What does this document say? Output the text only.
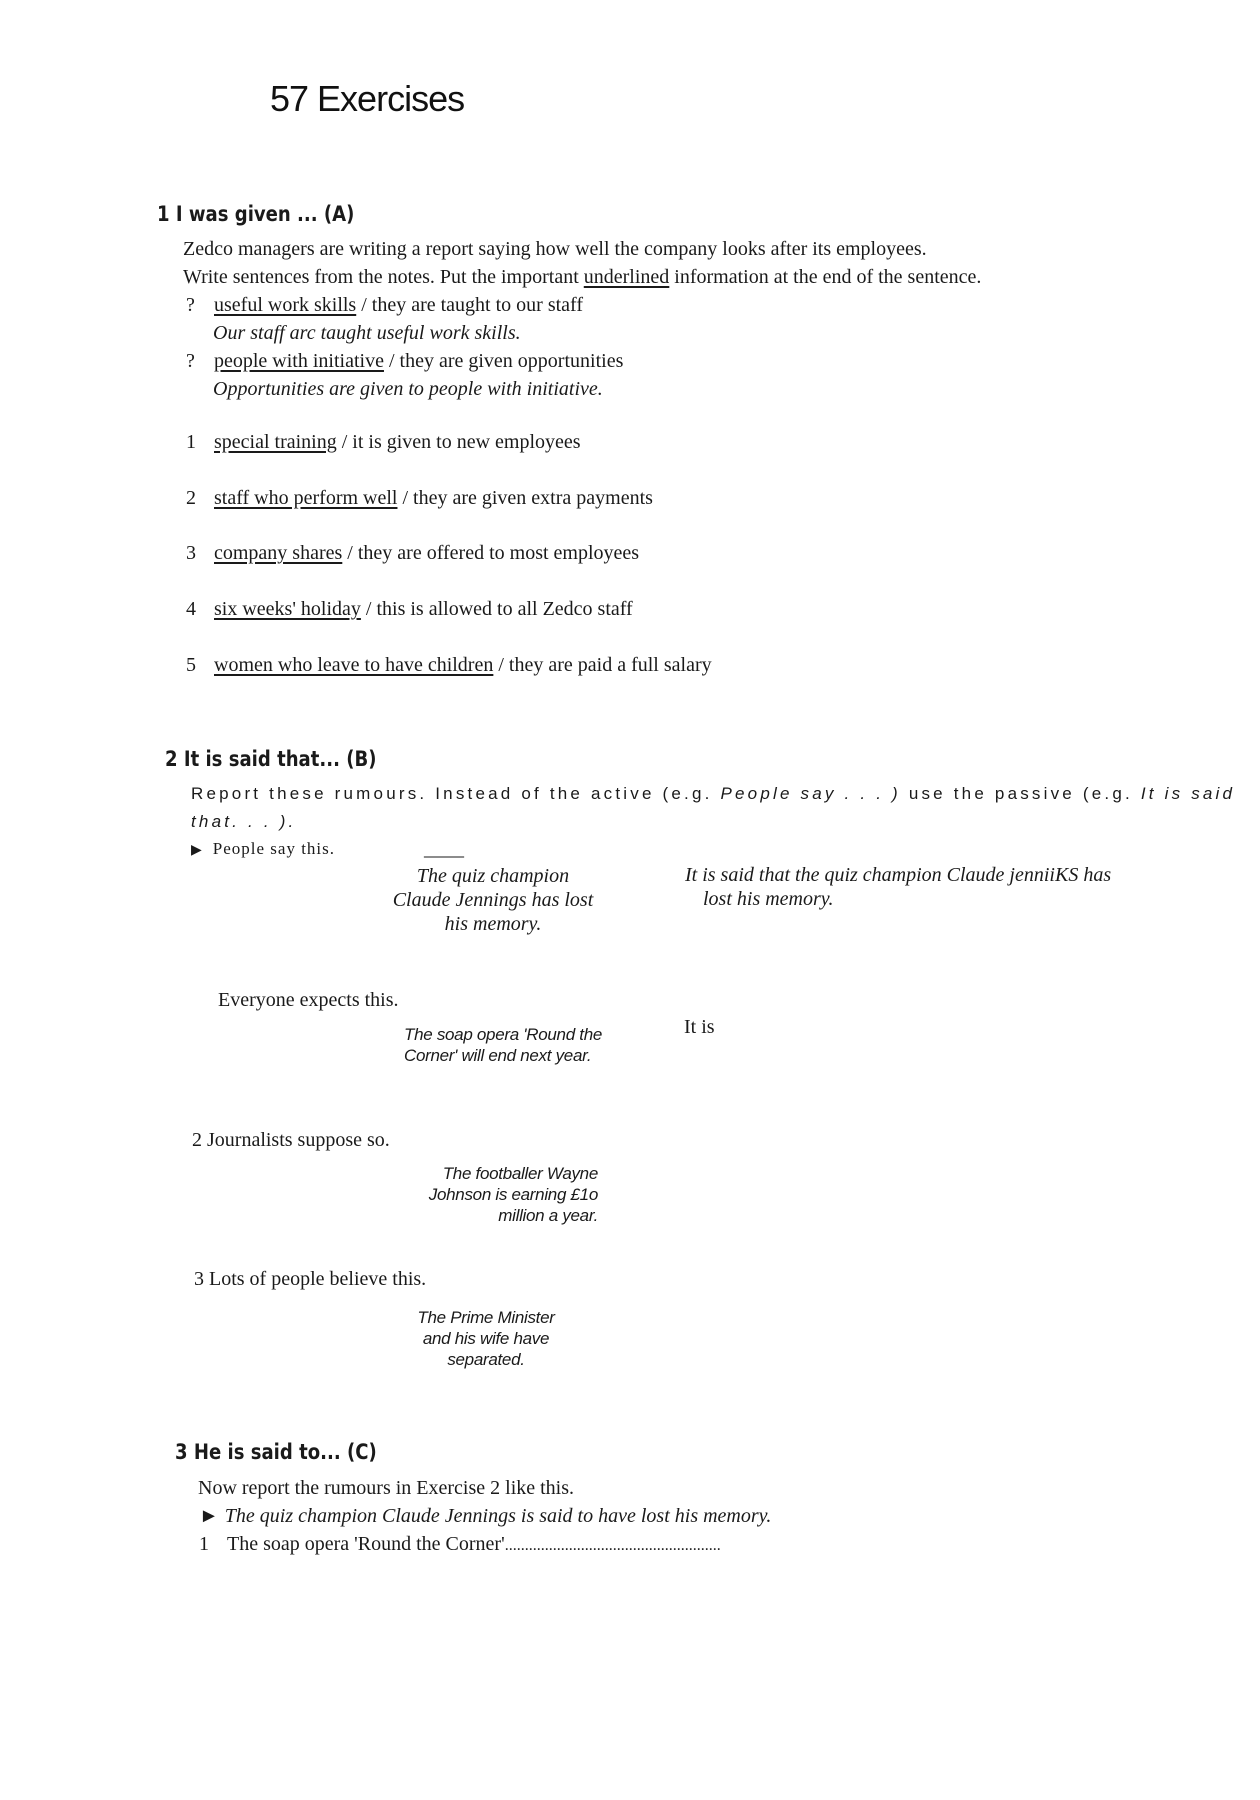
57 Exercises
1 I was given ... (A)
Zedco managers are writing a report saying how well the company looks after its employees.
Write sentences from the notes. Put the important underlined information at the end of the sentence.
? useful work skills / they are taught to our staff
Our staff arc taught useful work skills.
? people with initiative / they are given opportunities
Opportunities are given to people with initiative.
1 special training / it is given to new employees
2 staff who perform well / they are given extra payments
3 company shares / they are offered to most employees
4 six weeks' holiday / this is allowed to all Zedco staff
5 women who leave to have children / they are paid a full salary
2 It is said that... (B)
Report these rumours. Instead of the active (e.g. People say . . . ) use the passive (e.g. It is said
that. . . ).
▶ People say this.	____
The quiz champion Claude Jennings has lost his memory.
It is said that the quiz champion Claude jenniiKS has
lost his memory.
Everyone expects this.
The soap opera 'Round the Corner' will end next year.
It is
2 Journalists suppose so.
The footballer Wayne Johnson is earning £1o million a year.
3 Lots of people believe this.
The Prime Minister and his wife have separated.
3 He is said to... (C)
Now report the rumours in Exercise 2 like this.
► The quiz champion Claude Jennings is said to have lost his memory.
1 The soap opera 'Round the Corner'......................................................
